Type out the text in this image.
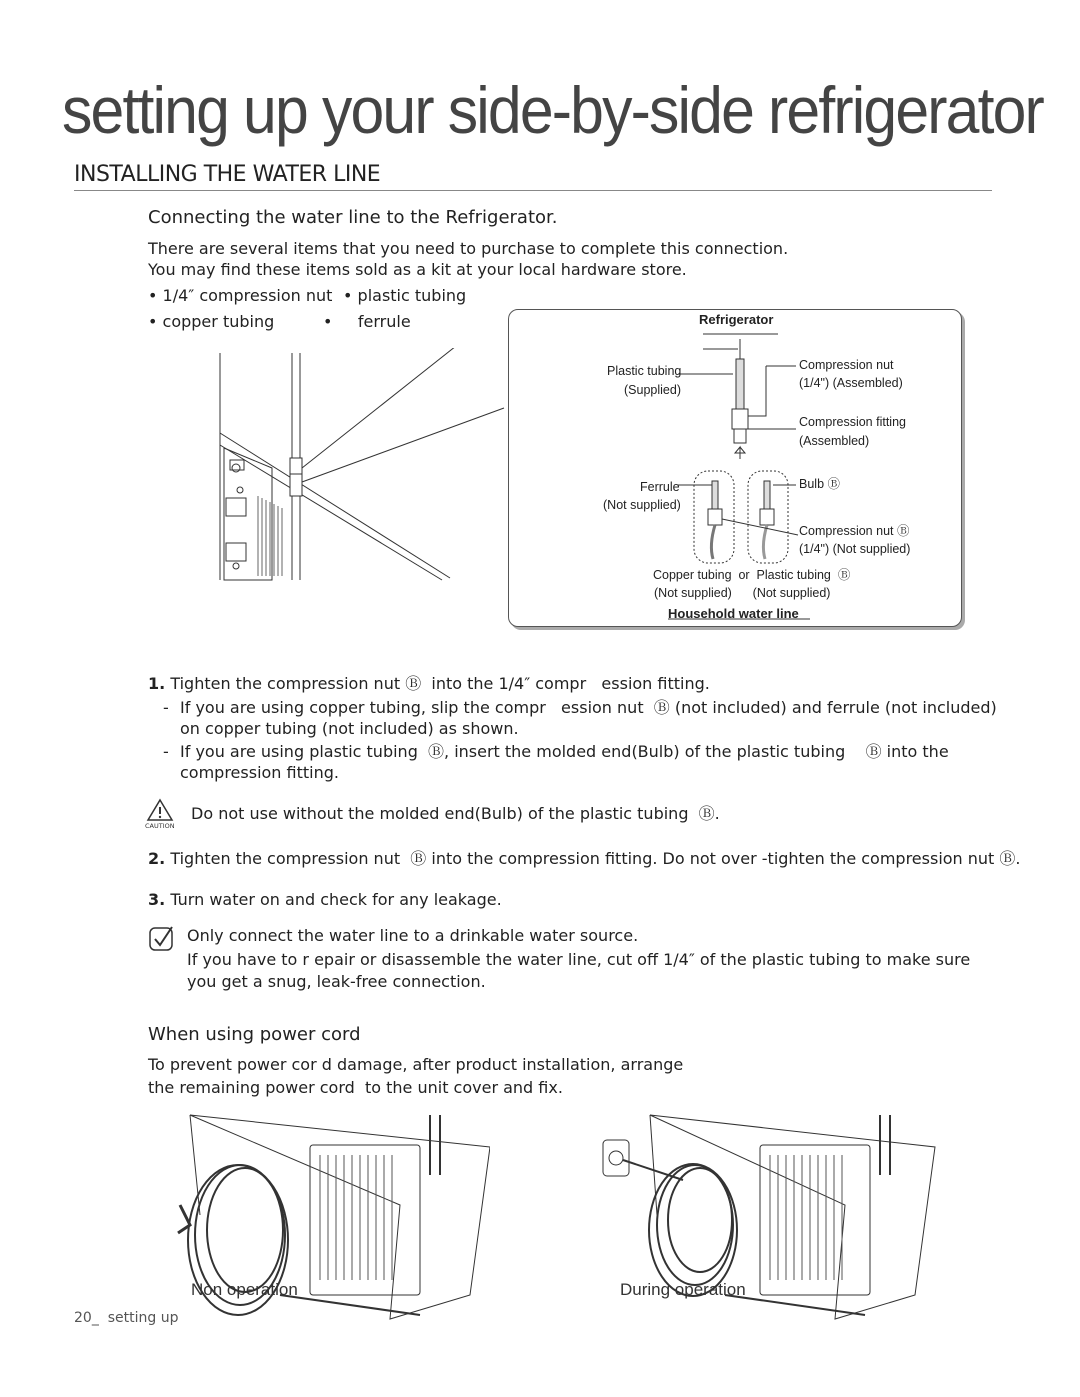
setting up your side-by-side refrigerator
INSTALLING THE WATER LINE
Connecting the water line to the Refrigerator.
There are several items that you need to purchase to complete this connection.
You may find these items sold as a kit at your local hardware store.
• 1/4″ compression nut • plastic tubing
• copper tubing	•     ferrule	Refrigerator
Plastic tubing
(Supplied)
Compression nut
(1/4") (Assembled)
Compression fitting
(Assembled)
Ferrule
(Not supplied)
Bulb Ⓑ
Compression nut Ⓑ
(1/4") (Not supplied)
Copper tubing  or  Plastic tubing  Ⓑ
(Not supplied)      (Not supplied)
Household water line
1. Tighten the compression nut Ⓑ  into the 1/4″ compr   ession fitting.
- If you are using copper tubing, slip the compr   ession nut  Ⓑ (not included) and ferrule (not included)
on copper tubing (not included) as shown.
- If you are using plastic tubing  Ⓑ, insert the molded end(Bulb) of the plastic tubing    Ⓑ into the
compression fitting.
CAUTION
Do not use without the molded end(Bulb) of the plastic tubing  Ⓑ.
2. Tighten the compression nut  Ⓑ into the compression fitting. Do not over -tighten the compression nut Ⓑ.
3. Turn water on and check for any leakage.
Only connect the water line to a drinkable water source.
If you have to r epair or disassemble the water line, cut off 1/4″ of the plastic tubing to make sure
you get a snug, leak-free connection.
When using power cord
To prevent power cor d damage, after product installation, arrange
the remaining power cord  to the unit cover and fix.
Non operation	During operation
20_  setting up
